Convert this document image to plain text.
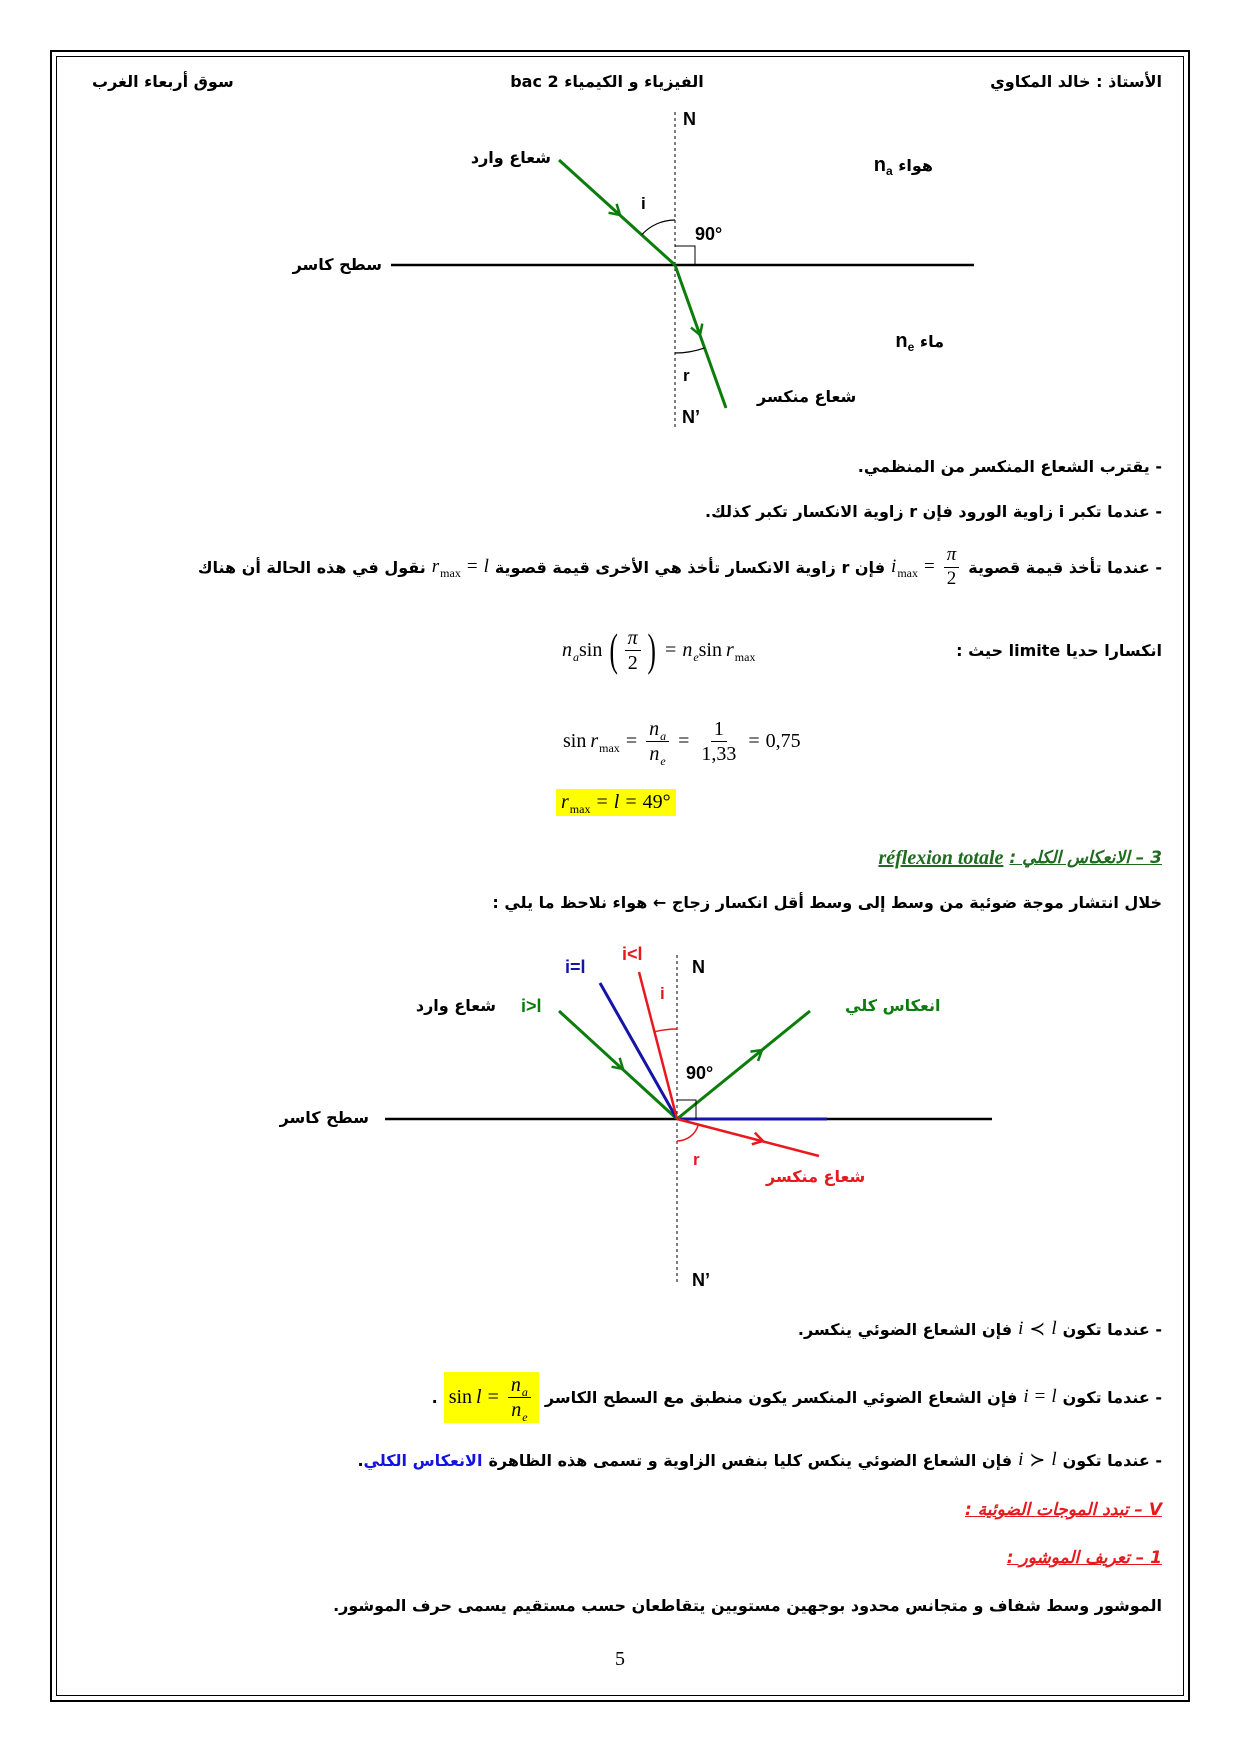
الأستاذ : خالد المكاوي
الفيزياء و الكيمياء 2 bac
سوق أربعاء الغرب
N
شعاع وارد
i
90°
هواء $n_a$
سطح كاسر
ماء $n_e$
r
شعاع منكسر
N’
- يقترب الشعاع المنكسر من المنظمي.
- عندما تكبر i زاوية الورود فإن r زاوية الانكسار تكبر كذلك.
- عندما تأخذ قيمة قصوية
$i_{max} = \frac{\pi}{2}$
فإن r زاوية الانكسار تأخذ هي الأخرى قيمة قصوية
$r_{max} = l$
نقول في هذه الحالة أن هناك
انكسارا حديا limite حيث :
$n_a$ sin ( $\frac{\pi}{2}$ ) = $n_e$ $\sin r_{max}$
$\sin r_{max} = \frac{n_a}{n_e} = \frac{1}{1,33} = 0,75$
$r_{max} = l = 49^\circ$
3 – الانعكاس الكلي :
réflexion totale
خلال انتشار موجة ضوئية من وسط إلى وسط أقل انكسار زجاج ← هواء نلاحظ ما يلي :
i<l
i=l	N
i>l
شعاع وارد
i
انعكاس كلي
90°
سطح كاسر
r
شعاع منكسر
N’
- عندما تكون
i ≺ l
فإن الشعاع الضوئي ينكسر.
- عندما تكون
i = l
فإن الشعاع الضوئي المنكسر يكون منطبق مع السطح الكاسر
$\sin l = \frac{n_a}{n_e}$
.
- عندما تكون
i ≻ l
فإن الشعاع الضوئي ينكس كليا بنفس الزاوية و تسمى هذه الظاهرة
الانعكاس الكلي.
V – تبدد الموجات الضوئية :
1 – تعريف الموشور :
الموشور وسط شفاف و متجانس محدود بوجهين مستويين يتقاطعان حسب مستقيم يسمى حرف الموشور.
5
